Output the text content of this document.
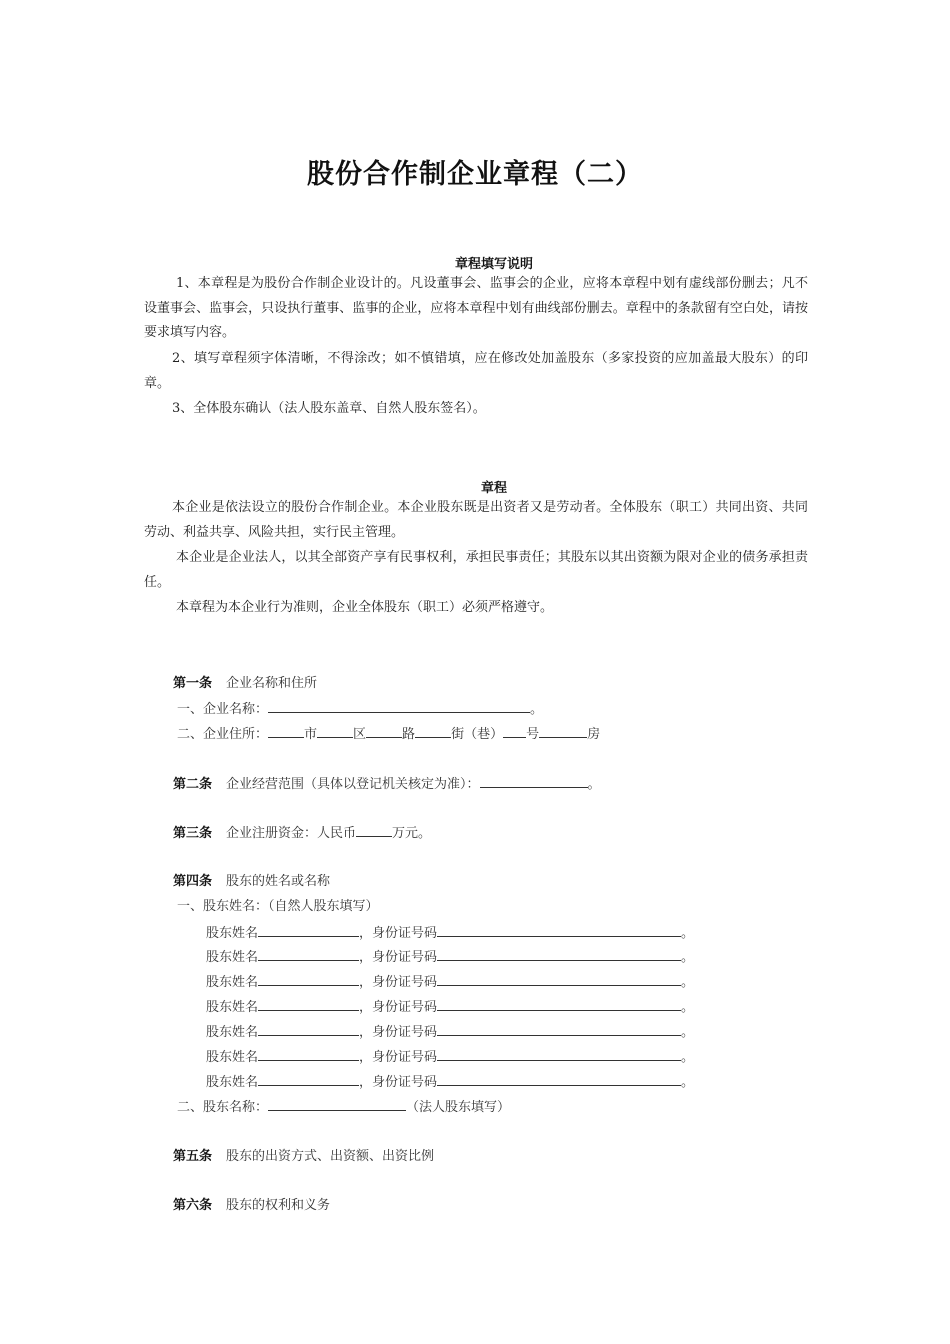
股份合作制企业章程（二）
章程填写说明
1、本章程是为股份合作制企业设计的。凡设董事会、监事会的企业，应将本章程中划有虚线部份删去；凡不设董事会、监事会，只设执行董事、监事的企业，应将本章程中划有曲线部份删去。章程中的条款留有空白处，请按要求填写内容。
2、填写章程须字体清晰，不得涂改；如不慎错填，应在修改处加盖股东（多家投资的应加盖最大股东）的印章。
3、全体股东确认（法人股东盖章、自然人股东签名）。
章程
本企业是依法设立的股份合作制企业。本企业股东既是出资者又是劳动者。全体股东（职工）共同出资、共同劳动、利益共享、风险共担，实行民主管理。
本企业是企业法人，以其全部资产享有民事权利，承担民事责任；其股东以其出资额为限对企业的债务承担责任。
本章程为本企业行为准则，企业全体股东（职工）必须严格遵守。
第一条 企业名称和住所
一、企业名称：	。
二、企业住所：	市	区	路	街（巷） 号	房
第二条 企业经营范围（具体以登记机关核定为准）：	。
第三条 企业注册资金：人民币	万元。
第四条 股东的姓名或名称
一、股东姓名：（自然人股东填写）
股东姓名	，身份证号码	。
股东姓名	，身份证号码	。
股东姓名	，身份证号码	。
股东姓名	，身份证号码	。
股东姓名	，身份证号码	。
股东姓名	，身份证号码	。
股东姓名	，身份证号码	。
二、股东名称：	（法人股东填写）
第五条 股东的出资方式、出资额、出资比例
第六条 股东的权利和义务
